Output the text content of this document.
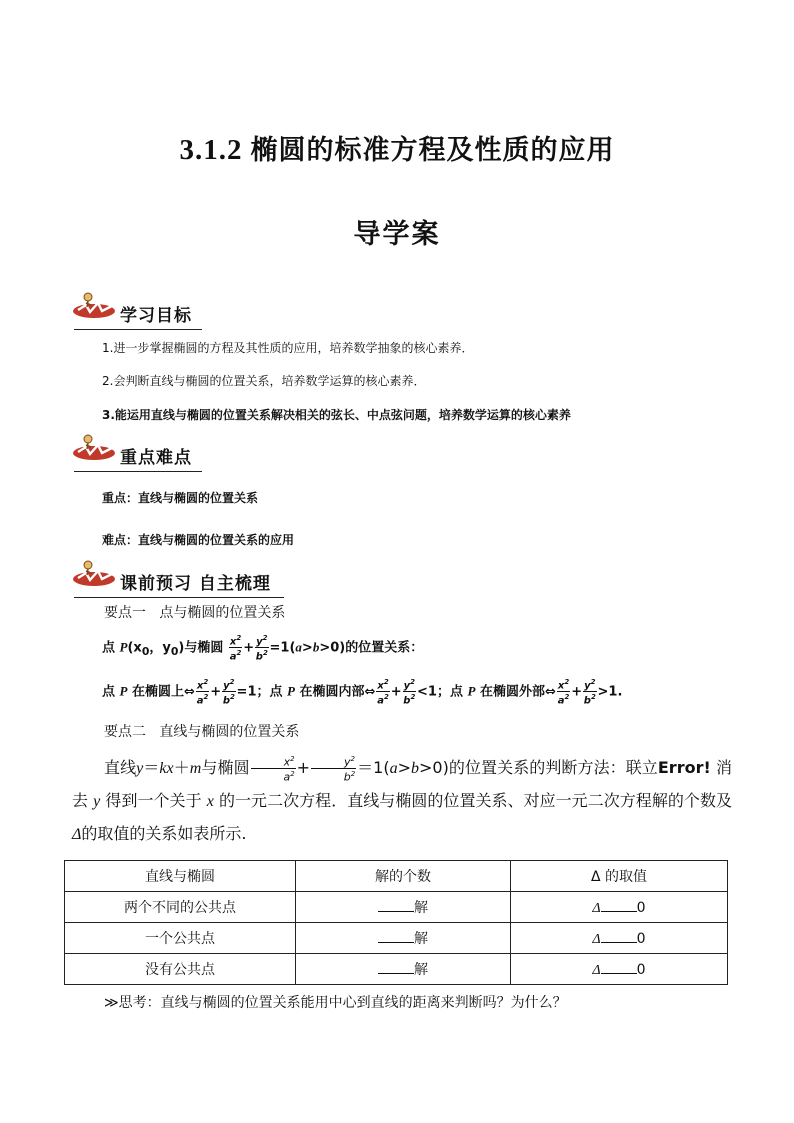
3.1.2 椭圆的标准方程及性质的应用
导学案
学习目标
1.进一步掌握椭圆的方程及其性质的应用，培养数学抽象的核心素养．
2.会判断直线与椭圆的位置关系，培养数学运算的核心素养．
3.能运用直线与椭圆的位置关系解决相关的弦长、中点弦问题，培养数学运算的核心素养
重点难点
重点：直线与椭圆的位置关系
难点：直线与椭圆的位置关系的应用
课前预习 自主梳理
要点一 点与椭圆的位置关系
点 $P(x_0$，$y_0$)与椭圆 $\frac{x^2}{a^2} + \frac{y^2}{b^2} =1(a>b>0)$的位置关系：
点 P 在椭圆上⇔ $\frac{x^2}{a^2} + \frac{y^2}{b^2} =1$；点 P 在椭圆内部⇔ $\frac{x^2}{a^2} + \frac{y^2}{b^2} <1$；点 P 在椭圆外部⇔ $\frac{x^2}{a^2} + \frac{y^2}{b^2} >1$.
要点二 直线与椭圆的位置关系
直线y＝kx＋m与椭圆 $\frac{x^2}{a^2} + \frac{y^2}{b^2} =1(a>b>0)$的位置关系的判断方法：联立Error! 消去 y 得到一个关于 x 的一元二次方程．直线与椭圆的位置关系、对应一元二次方程解的个数及Δ的取值的关系如表所示.
直线与椭圆	解的个数	Δ 的取值
两个不同的公共点	解	Δ 0
一个公共点	解	Δ 0
没有公共点	解	Δ 0
≫思考：直线与椭圆的位置关系能用中心到直线的距离来判断吗？为什么？
